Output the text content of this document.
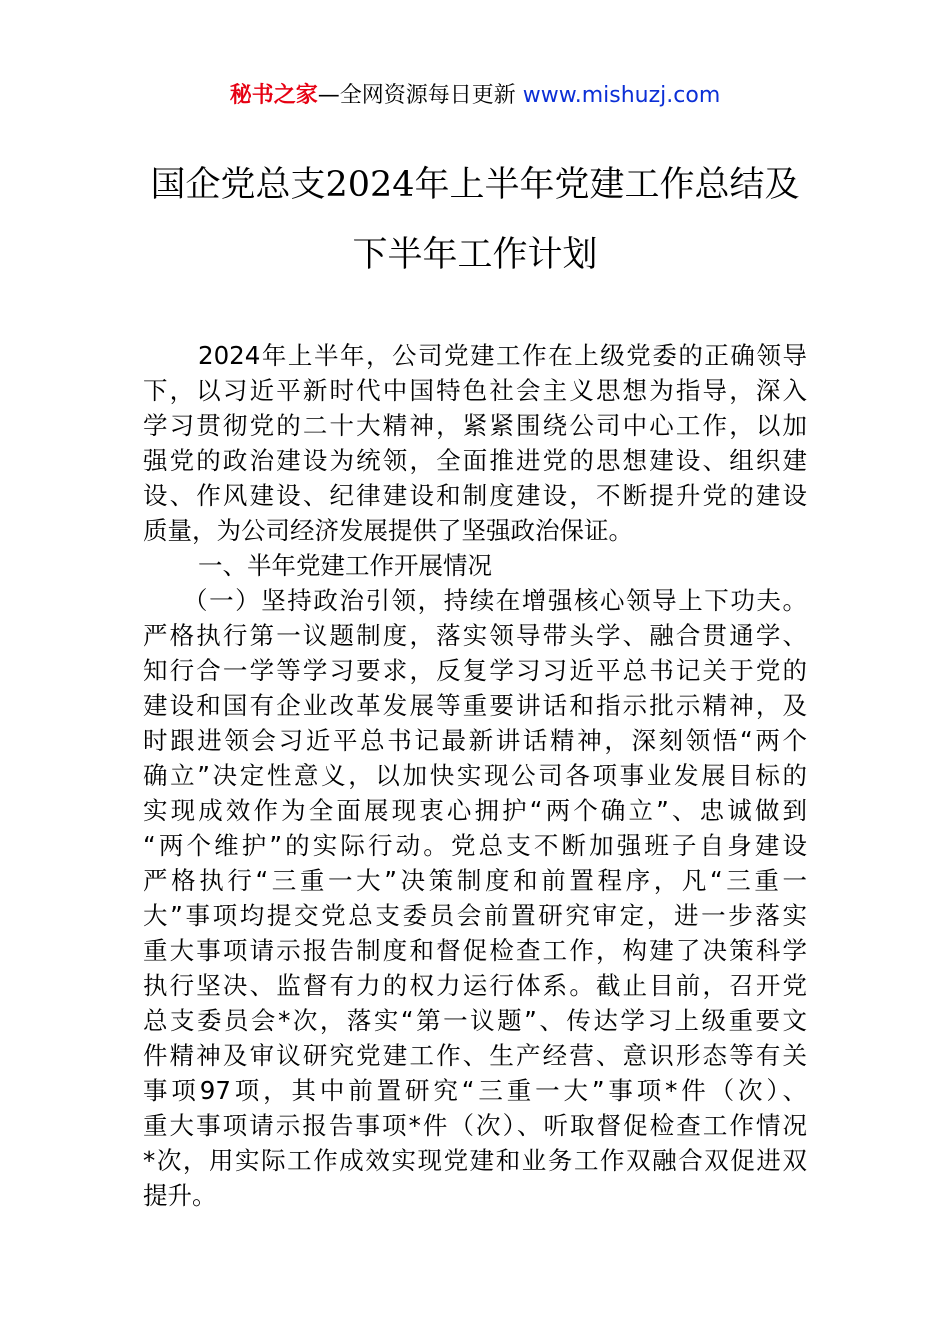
秘书之家—全网资源每日更新 www.mishuzj.com
国企党总支2024年上半年党建工作总结及
下半年工作计划
2024年上半年，公司党建工作在上级党委的正确领导
下，以习近平新时代中国特色社会主义思想为指导，深入
学习贯彻党的二十大精神，紧紧围绕公司中心工作，以加
强党的政治建设为统领，全面推进党的思想建设、组织建
设、作风建设、纪律建设和制度建设，不断提升党的建设
质量，为公司经济发展提供了坚强政治保证。
一、半年党建工作开展情况
（一）坚持政治引领，持续在增强核心领导上下功夫。
严格执行第一议题制度，落实领导带头学、融合贯通学、
知行合一学等学习要求，反复学习习近平总书记关于党的
建设和国有企业改革发展等重要讲话和指示批示精神，及
时跟进领会习近平总书记最新讲话精神，深刻领悟“两个
确立”决定性意义，以加快实现公司各项事业发展目标的
实现成效作为全面展现衷心拥护“两个确立”、忠诚做到
“两个维护”的实际行动。党总支不断加强班子自身建设
严格执行“三重一大”决策制度和前置程序，凡“三重一
大”事项均提交党总支委员会前置研究审定，进一步落实
重大事项请示报告制度和督促检查工作，构建了决策科学
执行坚决、监督有力的权力运行体系。截止目前，召开党
总支委员会*次，落实“第一议题”、传达学习上级重要文
件精神及审议研究党建工作、生产经营、意识形态等有关
事项97项，其中前置研究“三重一大”事项*件（次）、
重大事项请示报告事项*件（次）、听取督促检查工作情况
*次，用实际工作成效实现党建和业务工作双融合双促进双
提升。
